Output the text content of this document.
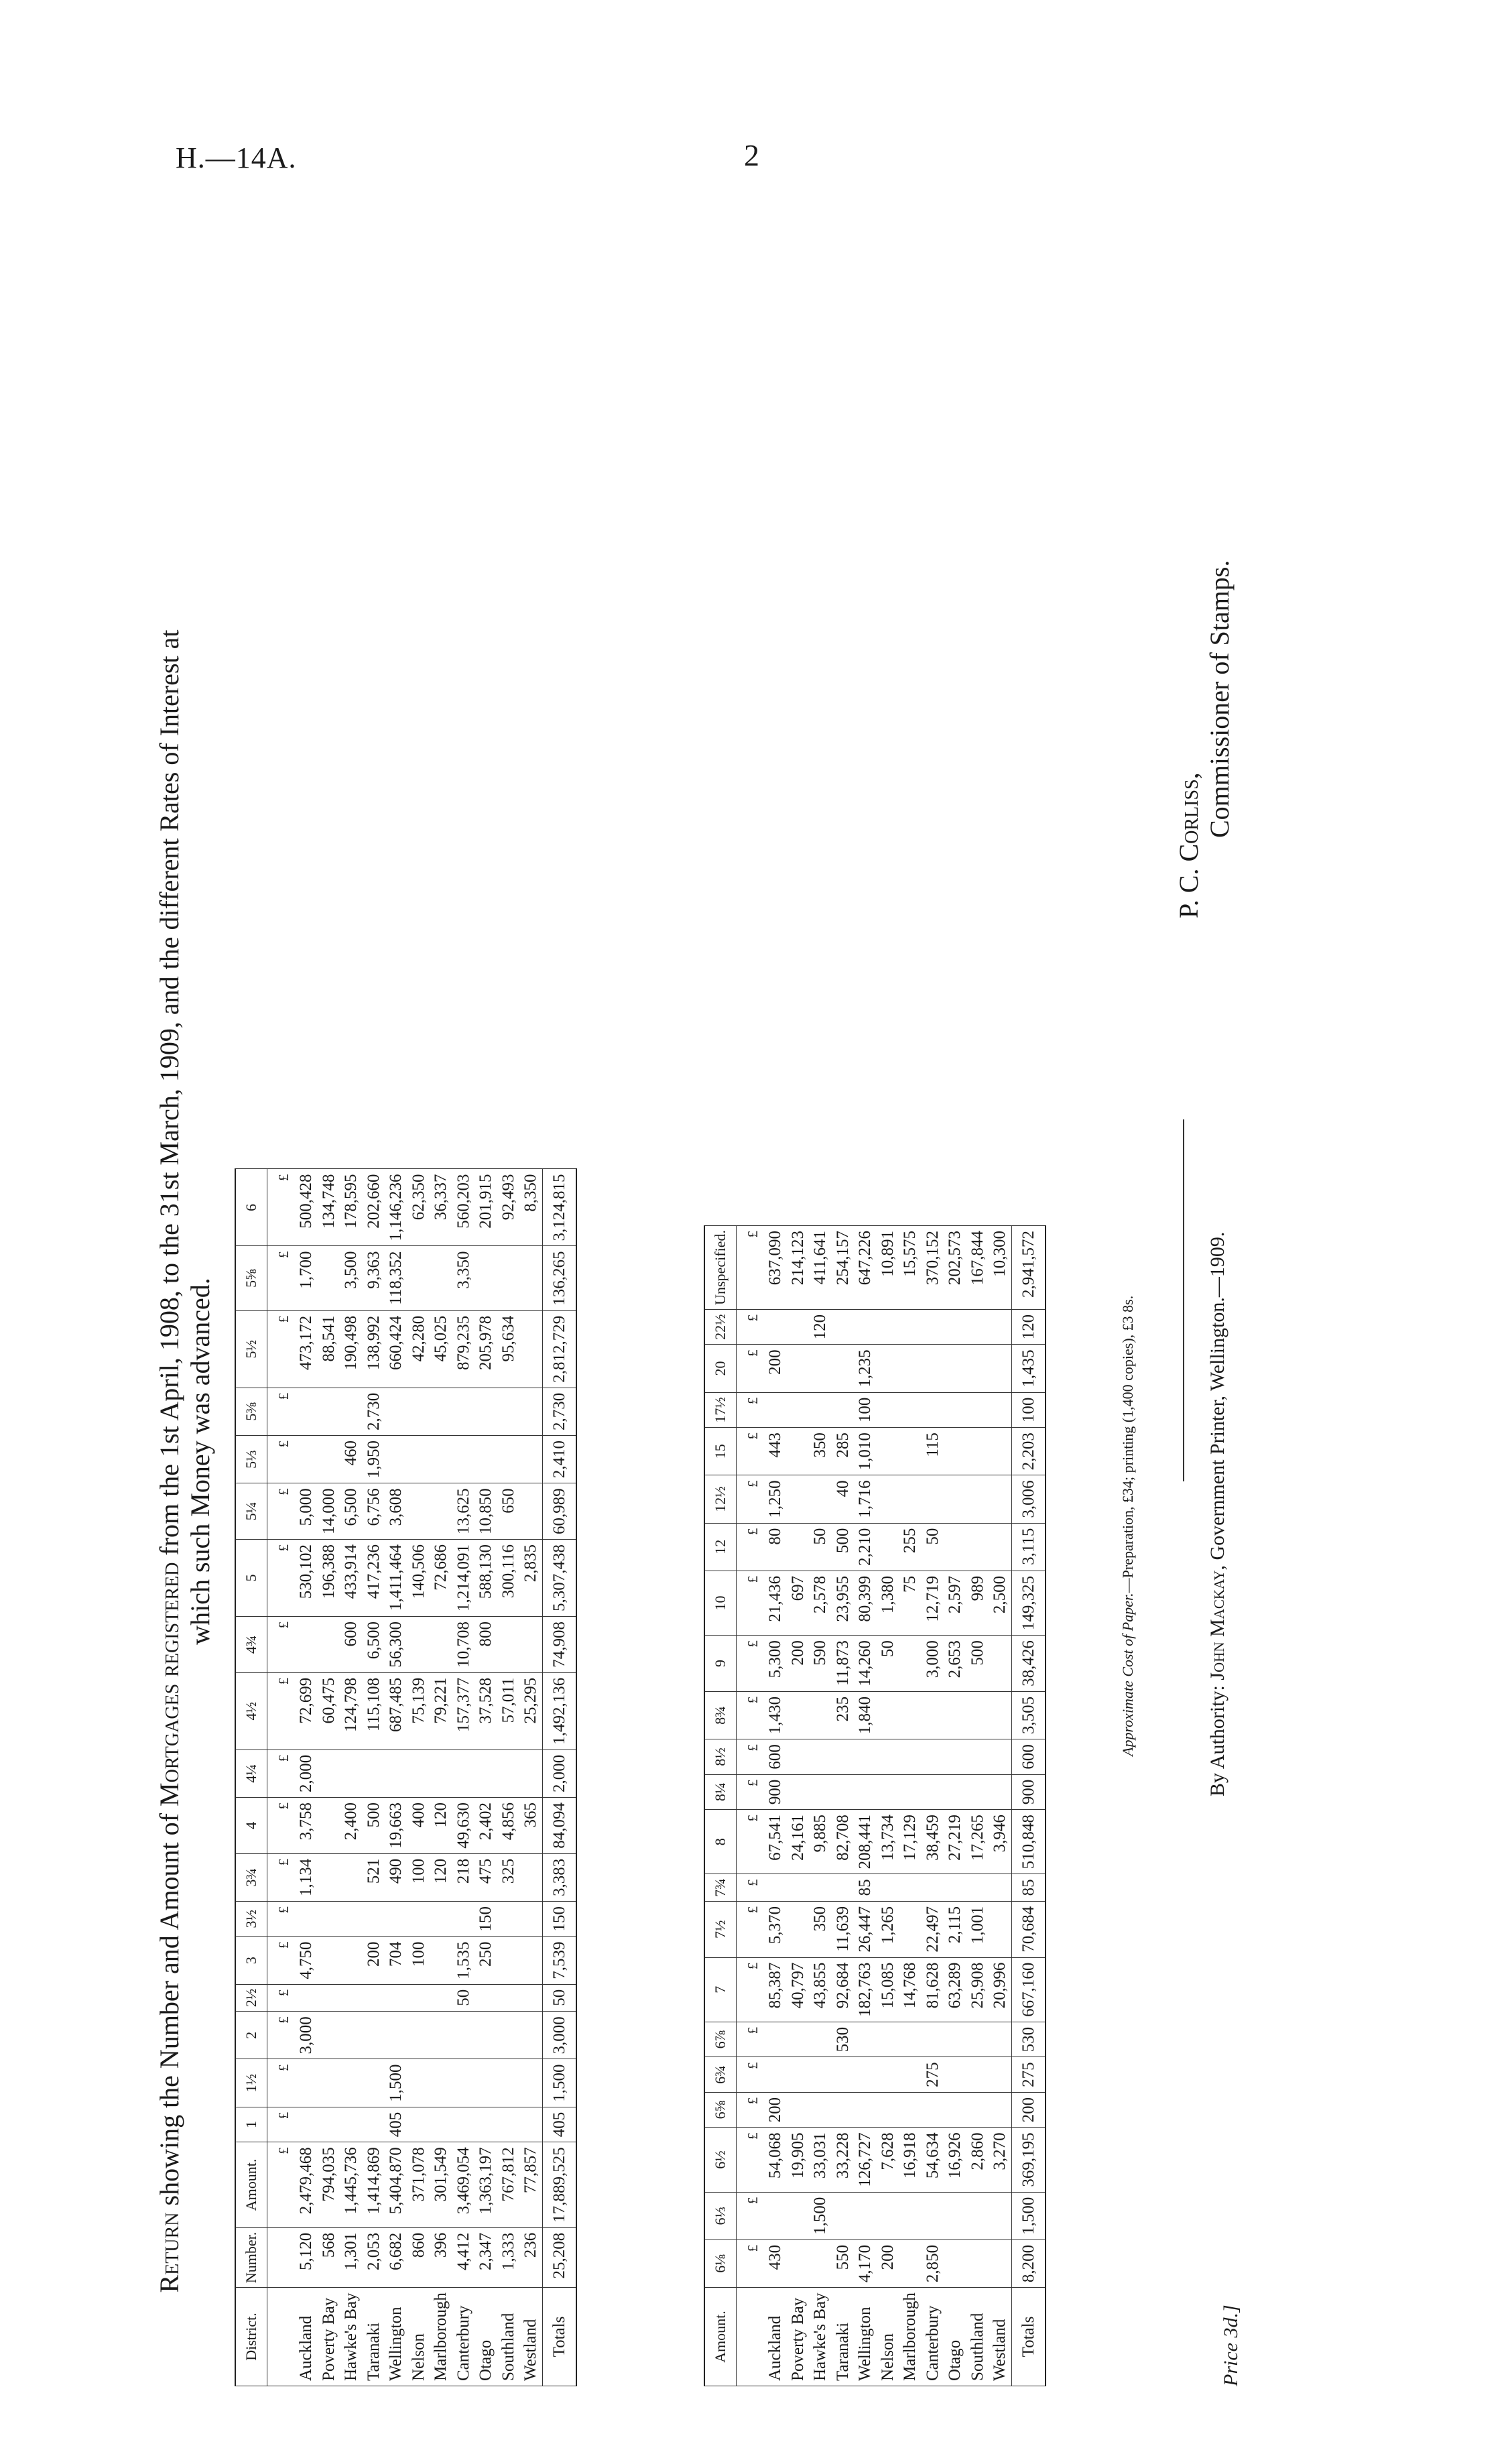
H.—14A.	2
Return showing the Number and Amount of Mortgages registered from the 1st April, 1908, to the 31st March, 1909, and the different Rates of Interest at which such Money was advanced.
District.	Number.	Amount.	1	1½	2	2½	3	3½	3¾	4	4¼	4½	4¾	5	5¼	5⅓	5⅜	5½	5⅝	6
		£	£	£	£	£	£	£	£	£	£	£	£	£	£	£	£	£	£	£
Auckland	5,120	2,479,468			3,000		4,750		1,134	3,758	2,000	72,699		530,102	5,000			473,172	1,700	500,428
Poverty Bay	568	794,035										60,475		196,388	14,000			88,541		134,748
Hawke's Bay	1,301	1,445,736								2,400		124,798	600	433,914	6,500	460		190,498	3,500	178,595
Taranaki	2,053	1,414,869					200		521	500		115,108	6,500	417,236	6,756	1,950	2,730	138,992	9,363	202,660
Wellington	6,682	5,404,870	405	1,500			704		490	19,663		687,485	56,300	1,411,464	3,608			660,424	118,352	1,146,236
Nelson	860	371,078					100		100	400		75,139		140,506				42,280		62,350
Marlborough	396	301,549							120	120		79,221		72,686				45,025		36,337
Canterbury	4,412	3,469,054				50	1,535		218	49,630		157,377	10,708	1,214,091	13,625			879,235	3,350	560,203
Otago	2,347	1,363,197					250	150	475	2,402		37,528	800	588,130	10,850			205,978		201,915
Southland	1,333	767,812							325	4,856		57,011		300,116	650			95,634		92,493
Westland	236	77,857								365		25,295		2,835						8,350
Totals	25,208	17,889,525	405	1,500	3,000	50	7,539	150	3,383	84,094	2,000	1,492,136	74,908	5,307,438	60,989	2,410	2,730	2,812,729	136,265	3,124,815
Amount.	6⅛	6⅓	6½	6⅝	6¾	6⅞	7	7½	7¾	8	8¼	8½	8¾	9	10	12	12½	15	17½	20	22½	Unspecified.
	£	£	£	£	£	£	£	£	£	£	£	£	£	£	£	£	£	£	£	£	£	£
Auckland	430		54,068	200			85,387	5,370		67,541	900	600	1,430	5,300	21,436	80	1,250	443		200		637,090
Poverty Bay			19,905				40,797			24,161				200	697							214,123
Hawke's Bay		1,500	33,031				43,855	350		9,885				590	2,578	50		350			120	411,641
Taranaki	550		33,228			530	92,684	11,639		82,708			235	11,873	23,955	500	40	285				254,157
Wellington	4,170		126,727				182,763	26,447	85	208,441			1,840	14,260	80,399	2,210	1,716	1,010	100	1,235		647,226
Nelson	200		7,628				15,085	1,265		13,734				50	1,380							10,891
Marlborough			16,918				14,768			17,129					75	255						15,575
Canterbury	2,850		54,634		275		81,628	22,497		38,459				3,000	12,719	50		115				370,152
Otago			16,926				63,289	2,115		27,219				2,653	2,597							202,573
Southland			2,860				25,908	1,001		17,265				500	989							167,844
Westland			3,270				20,996			3,946					2,500							10,300
Totals	8,200	1,500	369,195	200	275	530	667,160	70,684	85	510,848	900	600	3,505	38,426	149,325	3,115	3,006	2,203	100	1,435	120	2,941,572
P. C. Corliss,
Commissioner of Stamps.
Approximate Cost of Paper.—Preparation, £34; printing (1,400 copies), £3 8s.
By Authority: John Mackay, Government Printer, Wellington.—1909.
Price 3d.]
